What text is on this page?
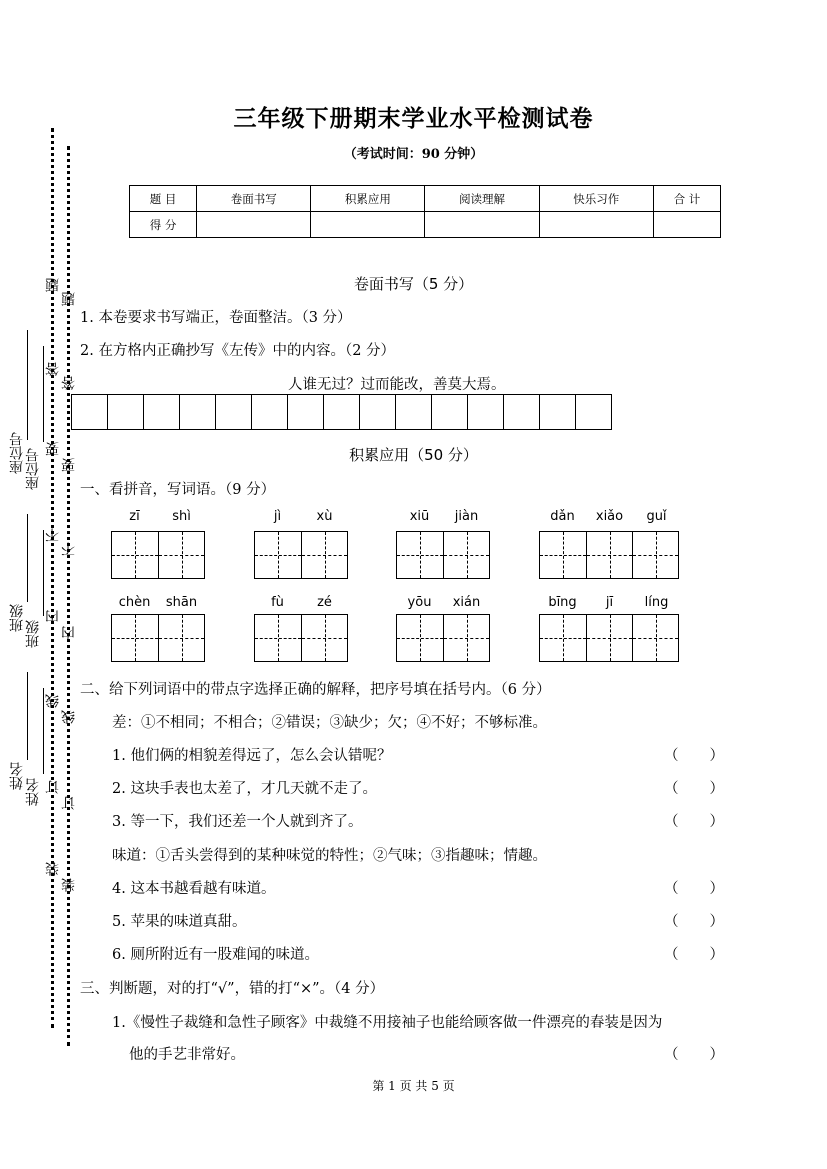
题
题
答
答
要
要
不
不
内
内
线
线
订
订
装
装
座位号 座位号
班级
班级
姓名
姓名
三年级下册期末学业水平检测试卷
（考试时间：90 分钟）
题 目	卷面书写	积累应用	阅读理解	快乐习作	合 计
得 分					
卷面书写（5 分）
1. 本卷要求书写端正，卷面整洁。（3 分）
2. 在方格内正确抄写《左传》中的内容。（2 分）
人谁无过？过而能改，善莫大焉。
积累应用（50 分）
一、看拼音，写词语。（9 分）
zī	shì	jì	xù	xiū	jiàn	dǎn	xiǎo	guǐ
chèn	shān	fù	zé	yōu	xián	bīng	jī	líng
二、给下列词语中的带点字选择正确的解释，把序号填在括号内。（6 分）
差：①不相同；不相合；②错误；③缺少；欠；④不好；不够标准。
1. 他们俩的相貌差得远了，怎么会认错呢？	（ ）
2. 这块手表也太差了，才几天就不走了。	（ ）
3. 等一下，我们还差一个人就到齐了。	（ ）
味道：①舌头尝得到的某种味觉的特性；②气味；③指趣味；情趣。
4. 这本书越看越有味道。	（ ）
5. 苹果的味道真甜。	（ ）
6. 厕所附近有一股难闻的味道。	（ ）
三、判断题，对的打“√”，错的打“×”。（4 分）
1.《慢性子裁缝和急性子顾客》中裁缝不用接袖子也能给顾客做一件漂亮的春装是因为
他的手艺非常好。	（ ）
第 1 页 共 5 页
